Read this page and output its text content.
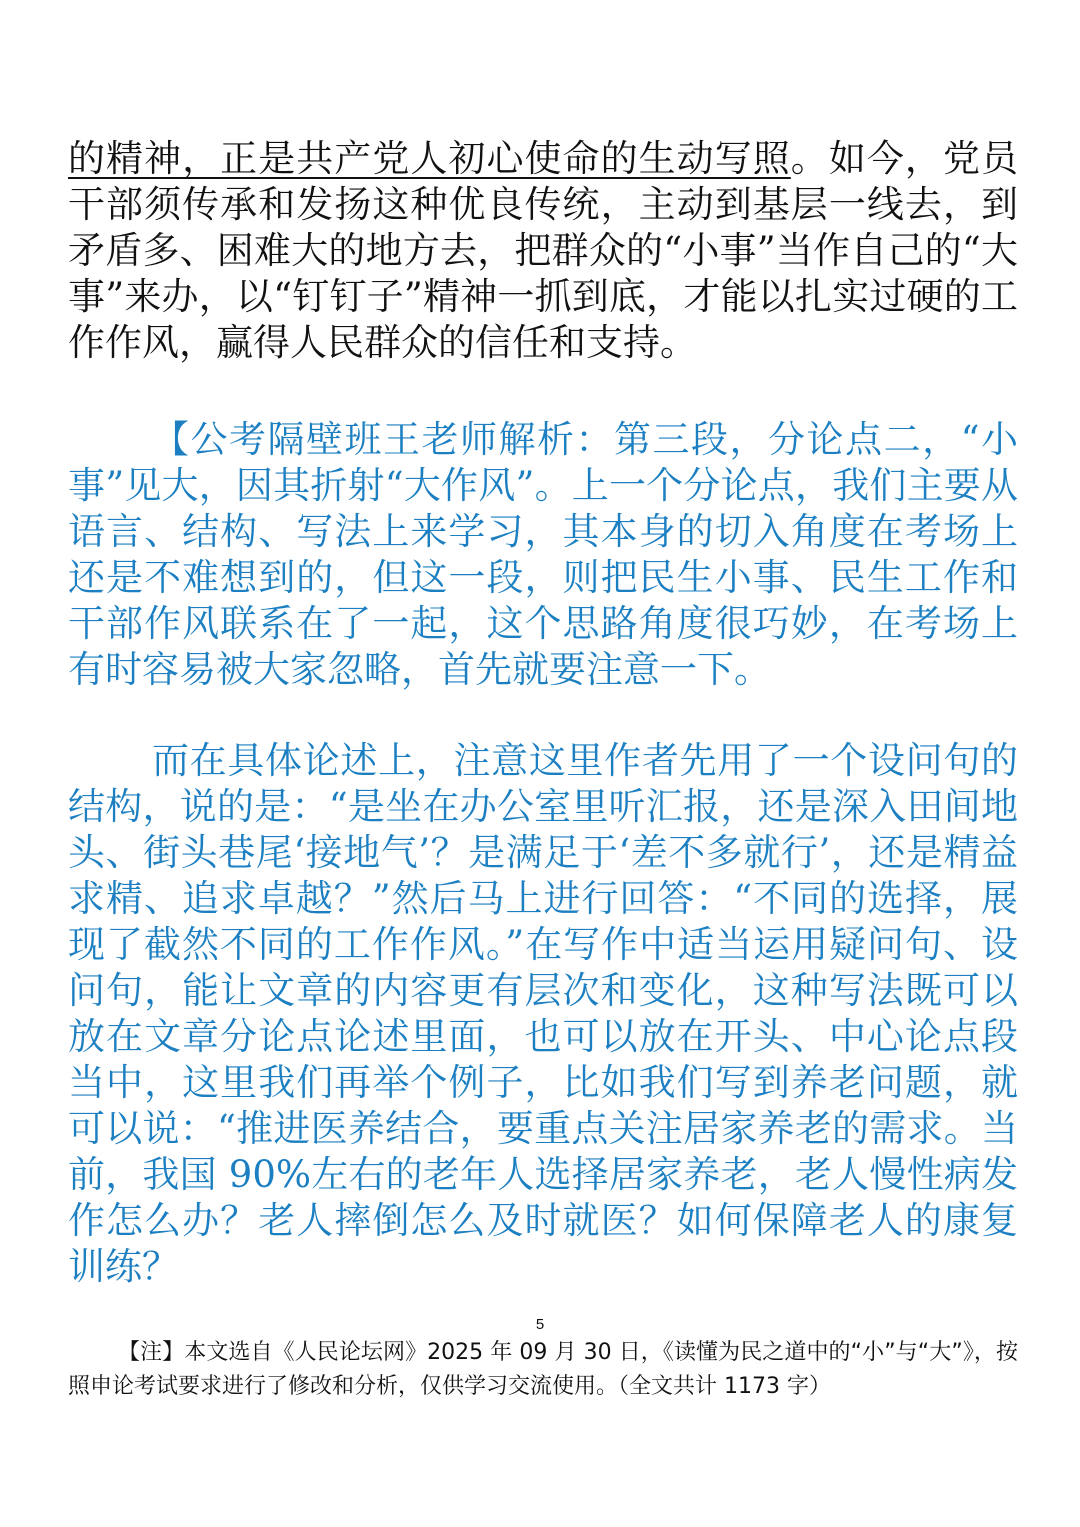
的精神，正是共产党人初心使命的生动写照。如今，党员干部须传承和发扬这种优良传统，主动到基层一线去，到矛盾多、困难大的地方去，把群众的“小事”当作自己的“大事”来办，以“钉钉子”精神一抓到底，才能以扎实过硬的工作作风，赢得人民群众的信任和支持。

【公考隔壁班王老师解析：第三段，分论点二，“小事”见大，因其折射“大作风”。上一个分论点，我们主要从语言、结构、写法上来学习，其本身的切入角度在考场上还是不难想到的，但这一段，则把民生小事、民生工作和干部作风联系在了一起，这个思路角度很巧妙，在考场上有时容易被大家忽略，首先就要注意一下。

而在具体论述上，注意这里作者先用了一个设问句的结构，说的是：“是坐在办公室里听汇报，还是深入田间地头、街头巷尾‘接地气’？是满足于‘差不多就行’，还是精益求精、追求卓越？”然后马上进行回答：“不同的选择，展现了截然不同的工作作风。”在写作中适当运用疑问句、设问句，能让文章的内容更有层次和变化，这种写法既可以放在文章分论点论述里面，也可以放在开头、中心论点段当中，这里我们再举个例子，比如我们写到养老问题，就可以说：“推进医养结合，要重点关注居家养老的需求。当前，我国 90%左右的老年人选择居家养老，老人慢性病发作怎么办？老人摔倒怎么及时就医？如何保障老人的康复训练？

5

【注】本文选自《人民论坛网》2025 年 09 月 30 日，《读懂为民之道中的“小”与“大”》，按照申论考试要求进行了修改和分析，仅供学习交流使用。（全文共计 1173 字）
